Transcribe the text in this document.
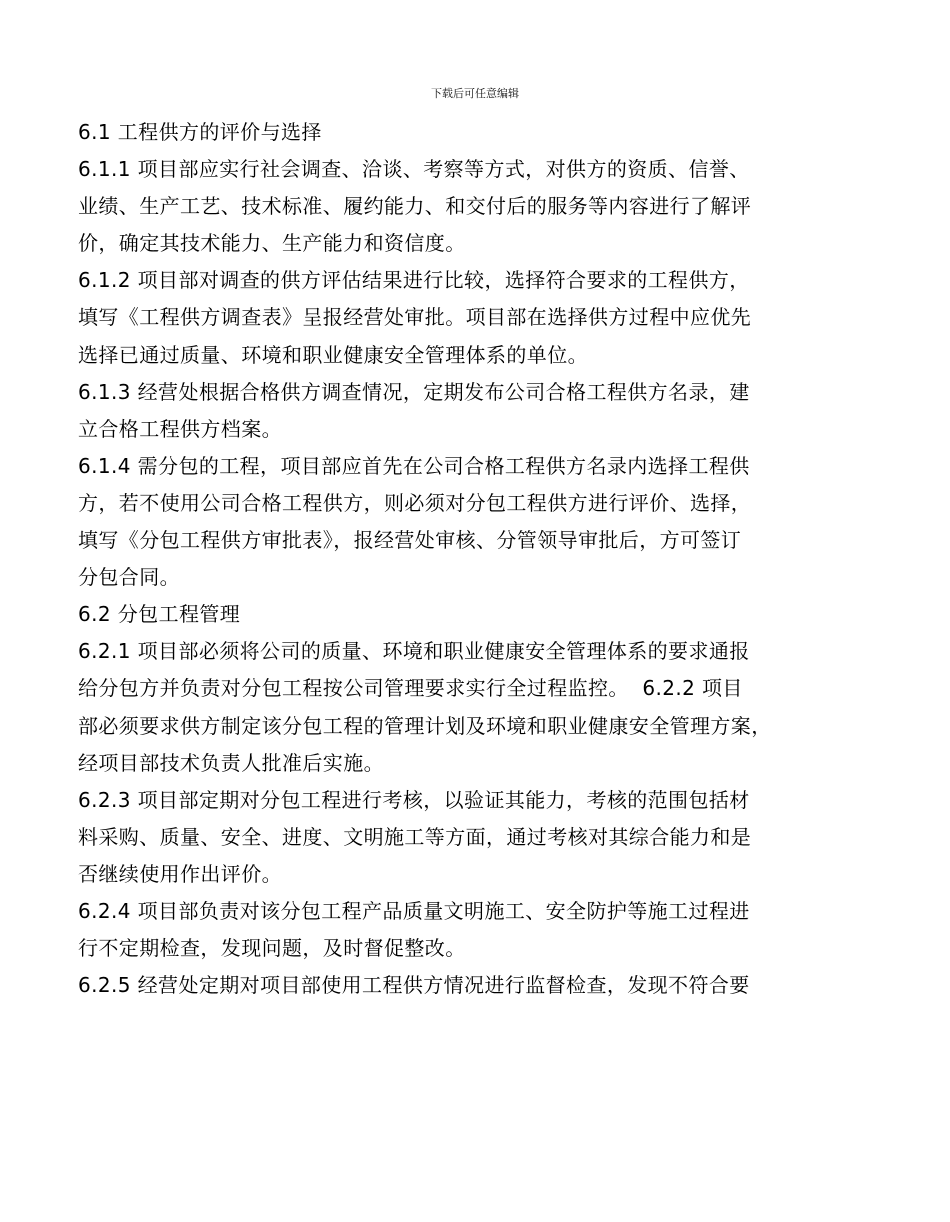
下载后可任意编辑
6.1 工程供方的评价与选择
6.1.1 项目部应实行社会调查、洽谈、考察等方式，对供方的资质、信誉、
业绩、生产工艺、技术标准、履约能力、和交付后的服务等内容进行了解评
价，确定其技术能力、生产能力和资信度。
6.1.2 项目部对调查的供方评估结果进行比较，选择符合要求的工程供方，
填写《工程供方调查表》呈报经营处审批。项目部在选择供方过程中应优先
选择已通过质量、环境和职业健康安全管理体系的单位。
6.1.3 经营处根据合格供方调查情况，定期发布公司合格工程供方名录，建
立合格工程供方档案。
6.1.4 需分包的工程，项目部应首先在公司合格工程供方名录内选择工程供
方，若不使用公司合格工程供方，则必须对分包工程供方进行评价、选择，
填写《分包工程供方审批表》，报经营处审核、分管领导审批后，方可签订
分包合同。
6.2 分包工程管理
6.2.1 项目部必须将公司的质量、环境和职业健康安全管理体系的要求通报
给分包方并负责对分包工程按公司管理要求实行全过程监控。  6.2.2 项目
部必须要求供方制定该分包工程的管理计划及环境和职业健康安全管理方案，
经项目部技术负责人批准后实施。
6.2.3 项目部定期对分包工程进行考核，以验证其能力，考核的范围包括材
料采购、质量、安全、进度、文明施工等方面，通过考核对其综合能力和是
否继续使用作出评价。
6.2.4 项目部负责对该分包工程产品质量文明施工、安全防护等施工过程进
行不定期检查，发现问题，及时督促整改。
6.2.5 经营处定期对项目部使用工程供方情况进行监督检查，发现不符合要
